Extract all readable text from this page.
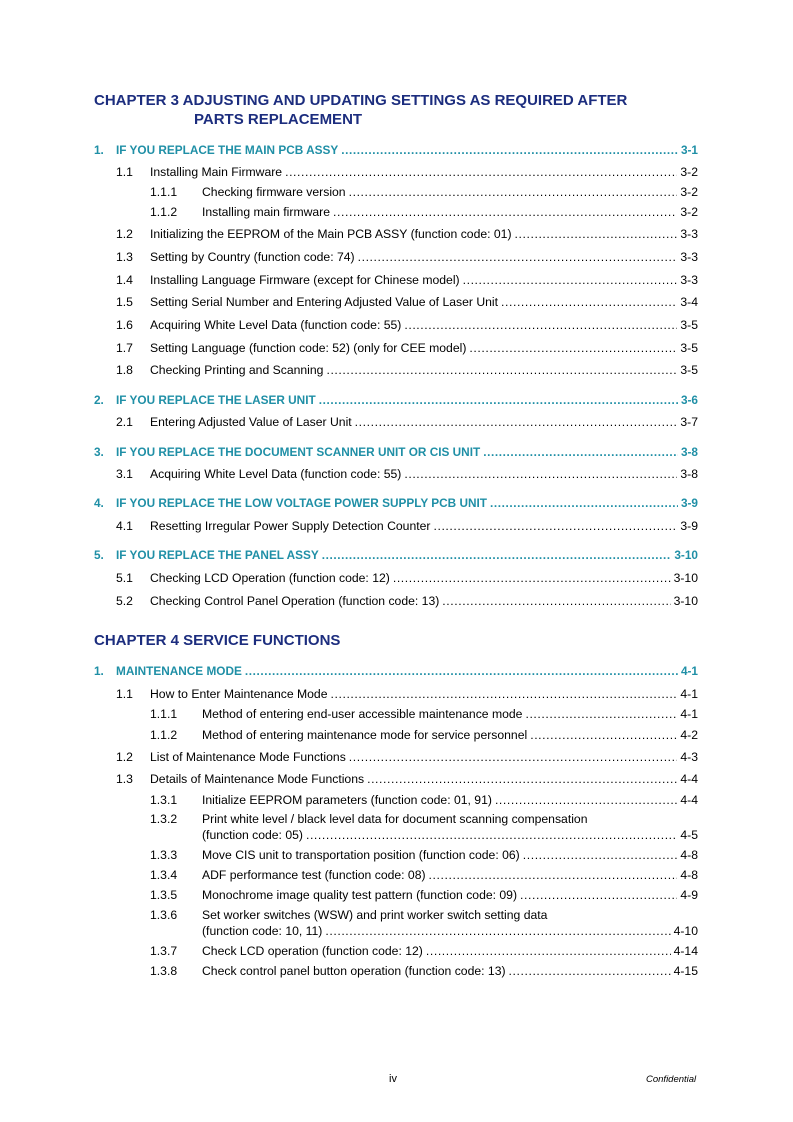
CHAPTER 3 ADJUSTING AND UPDATING SETTINGS AS REQUIRED AFTER
PARTS REPLACEMENT
1.	IF YOU REPLACE THE MAIN PCB ASSY .....	3-1
1.1	Installing Main Firmware .....	3-2
1.1.1	Checking firmware version .....	3-2
1.1.2	Installing main firmware .....	3-2
1.2	Initializing the EEPROM of the Main PCB ASSY (function code: 01) .....	3-3
1.3	Setting by Country (function code: 74) .....	3-3
1.4	Installing Language Firmware (except for Chinese model) .....	3-3
1.5	Setting Serial Number and Entering Adjusted Value of Laser Unit .....	3-4
1.6	Acquiring White Level Data (function code: 55) .....	3-5
1.7	Setting Language (function code: 52) (only for CEE model) .....	3-5
1.8	Checking Printing and Scanning .....	3-5
2.	IF YOU REPLACE THE LASER UNIT .....	3-6
2.1	Entering Adjusted Value of Laser Unit .....	3-7
3.	IF YOU REPLACE THE DOCUMENT SCANNER UNIT OR CIS UNIT .....	3-8
3.1	Acquiring White Level Data (function code: 55) .....	3-8
4.	IF YOU REPLACE THE LOW VOLTAGE POWER SUPPLY PCB UNIT .....	3-9
4.1	Resetting Irregular Power Supply Detection Counter .....	3-9
5.	IF YOU REPLACE THE PANEL ASSY .....	3-10
5.1	Checking LCD Operation (function code: 12) .....	3-10
5.2	Checking Control Panel Operation (function code: 13) .....	3-10
CHAPTER 4 SERVICE FUNCTIONS
1.	MAINTENANCE MODE .....	4-1
1.1	How to Enter Maintenance Mode .....	4-1
1.1.1	Method of entering end-user accessible maintenance mode .....	4-1
1.1.2	Method of entering maintenance mode for service personnel .....	4-2
1.2	List of Maintenance Mode Functions .....	4-3
1.3	Details of Maintenance Mode Functions .....	4-4
1.3.1	Initialize EEPROM parameters (function code: 01, 91) .....	4-4
1.3.2	Print white level / black level data for document scanning compensation
(function code: 05) .....	4-5
1.3.3	Move CIS unit to transportation position (function code: 06) .....	4-8
1.3.4	ADF performance test (function code: 08) .....	4-8
1.3.5	Monochrome image quality test pattern (function code: 09) .....	4-9
1.3.6	Set worker switches (WSW) and print worker switch setting data
(function code: 10, 11) .....	4-10
1.3.7	Check LCD operation (function code: 12) .....	4-14
1.3.8	Check control panel button operation (function code: 13) .....	4-15
iv	Confidential
